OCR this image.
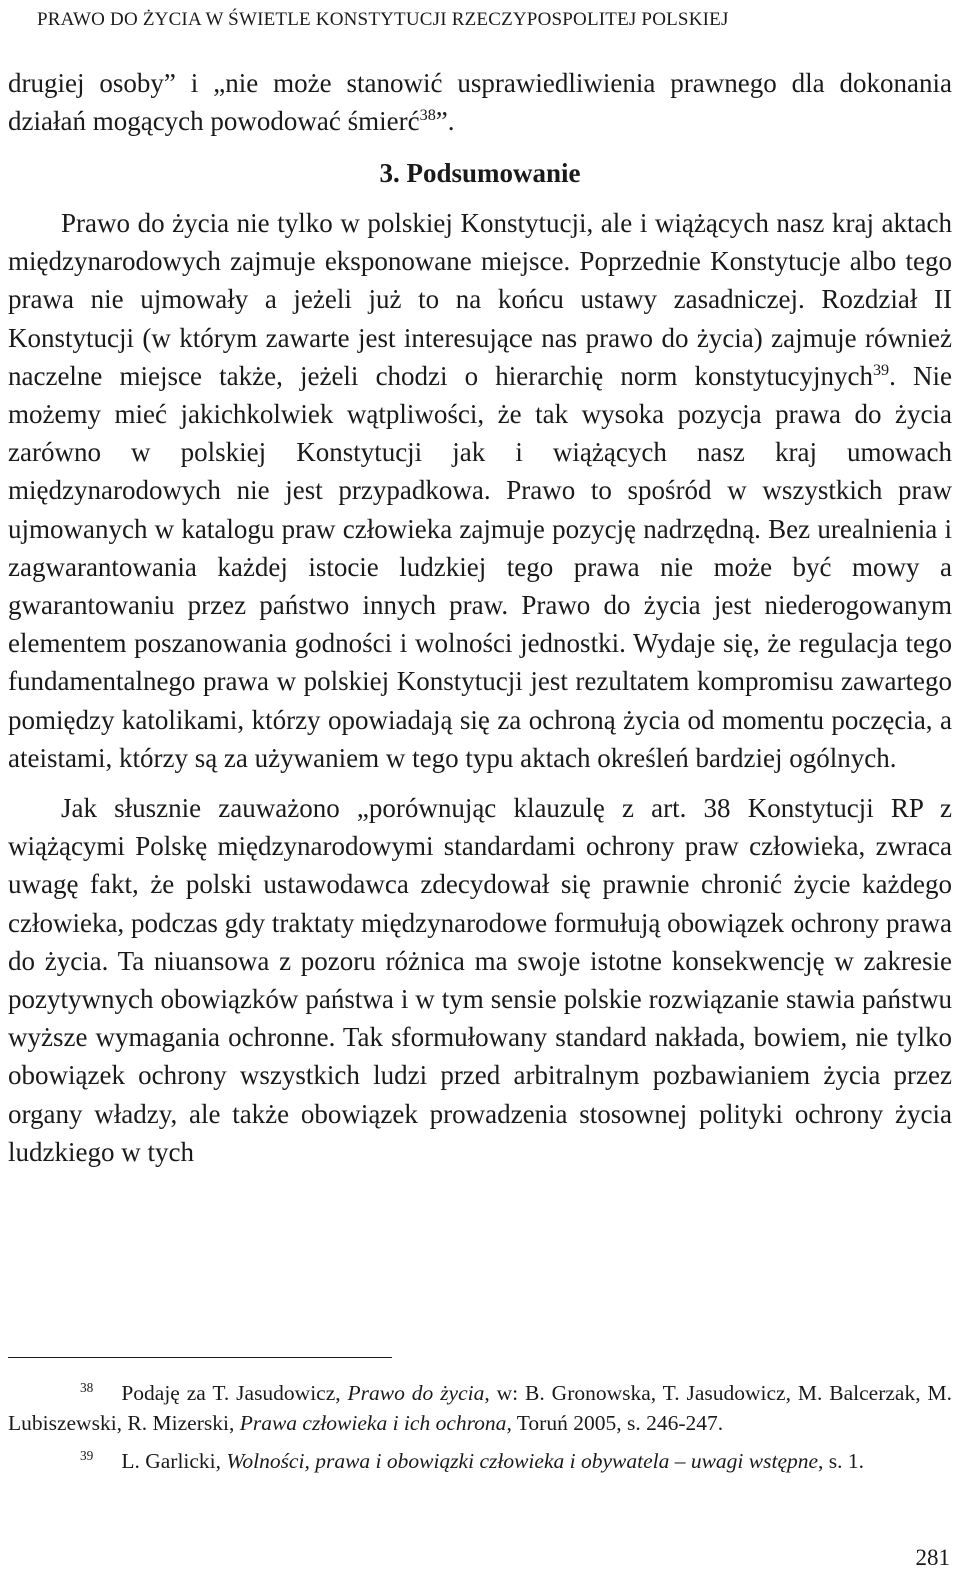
PRAWO DO ŻYCIA W ŚWIETLE KONSTYTUCJI RZECZYPOSPOLITEJ POLSKIEJ

drugiej osoby” i „nie może stanowić usprawiedliwienia prawnego dla dokonania działań mogących powodować śmierć$^{38}$”.

3. Podsumowanie

Prawo do życia nie tylko w polskiej Konstytucji, ale i wiążących nasz kraj aktach międzynarodowych zajmuje eksponowane miejsce. Poprzednie Konstytucje albo tego prawa nie ujmowały a jeżeli już to na końcu ustawy zasadniczej. Rozdział II Konstytucji (w którym zawarte jest interesujące nas prawo do życia) zajmuje również naczelne miejsce także, jeżeli chodzi o hierarchię norm konstytucyjnych$^{39}$. Nie możemy mieć jakichkolwiek wątpliwości, że tak wysoka pozycja prawa do życia zarówno w polskiej Konstytucji jak i wiążących nasz kraj umowach międzynarodowych nie jest przypadkowa. Prawo to spośród w wszystkich praw ujmowanych w katalogu praw człowieka zajmuje pozycję nadrzędną. Bez urealnienia i zagwarantowania każdej istocie ludzkiej tego prawa nie może być mowy a gwarantowaniu przez państwo innych praw. Prawo do życia jest niederogowanym elementem poszanowania godności i wolności jednostki. Wydaje się, że regulacja tego fundamentalnego prawa w polskiej Konstytucji jest rezultatem kompromisu zawartego pomiędzy katolikami, którzy opowiadają się za ochroną życia od momentu poczęcia, a ateistami, którzy są za używaniem w tego typu aktach określeń bardziej ogólnych.

Jak słusznie zauważono „porównując klauzulę z art. 38 Konstytucji RP z wiążącymi Polskę międzynarodowymi standardami ochrony praw człowieka, zwraca uwagę fakt, że polski ustawodawca zdecydował się prawnie chronić życie każdego człowieka, podczas gdy traktaty międzynarodowe formułują obowiązek ochrony prawa do życia. Ta niuansowa z pozoru różnica ma swoje istotne konsekwencję w zakresie pozytywnych obowiązków państwa i w tym sensie polskie rozwiązanie stawia państwu wyższe wymagania ochronne. Tak sformułowany standard nakłada, bowiem, nie tylko obowiązek ochrony wszystkich ludzi przed arbitralnym pozbawianiem życia przez organy władzy, ale także obowiązek prowadzenia stosownej polityki ochrony życia ludzkiego w tych

$^{38}$ Podaję za T. Jasudowicz, Prawo do życia, w: B. Gronowska, T. Jasudowicz, M. Balcerzak, M. Lubiszewski, R. Mizerski, Prawa człowieka i ich ochrona, Toruń 2005, s. 246-247.

$^{39}$ L. Garlicki, Wolności, prawa i obowiązki człowieka i obywatela – uwagi wstępne, s. 1.

281
